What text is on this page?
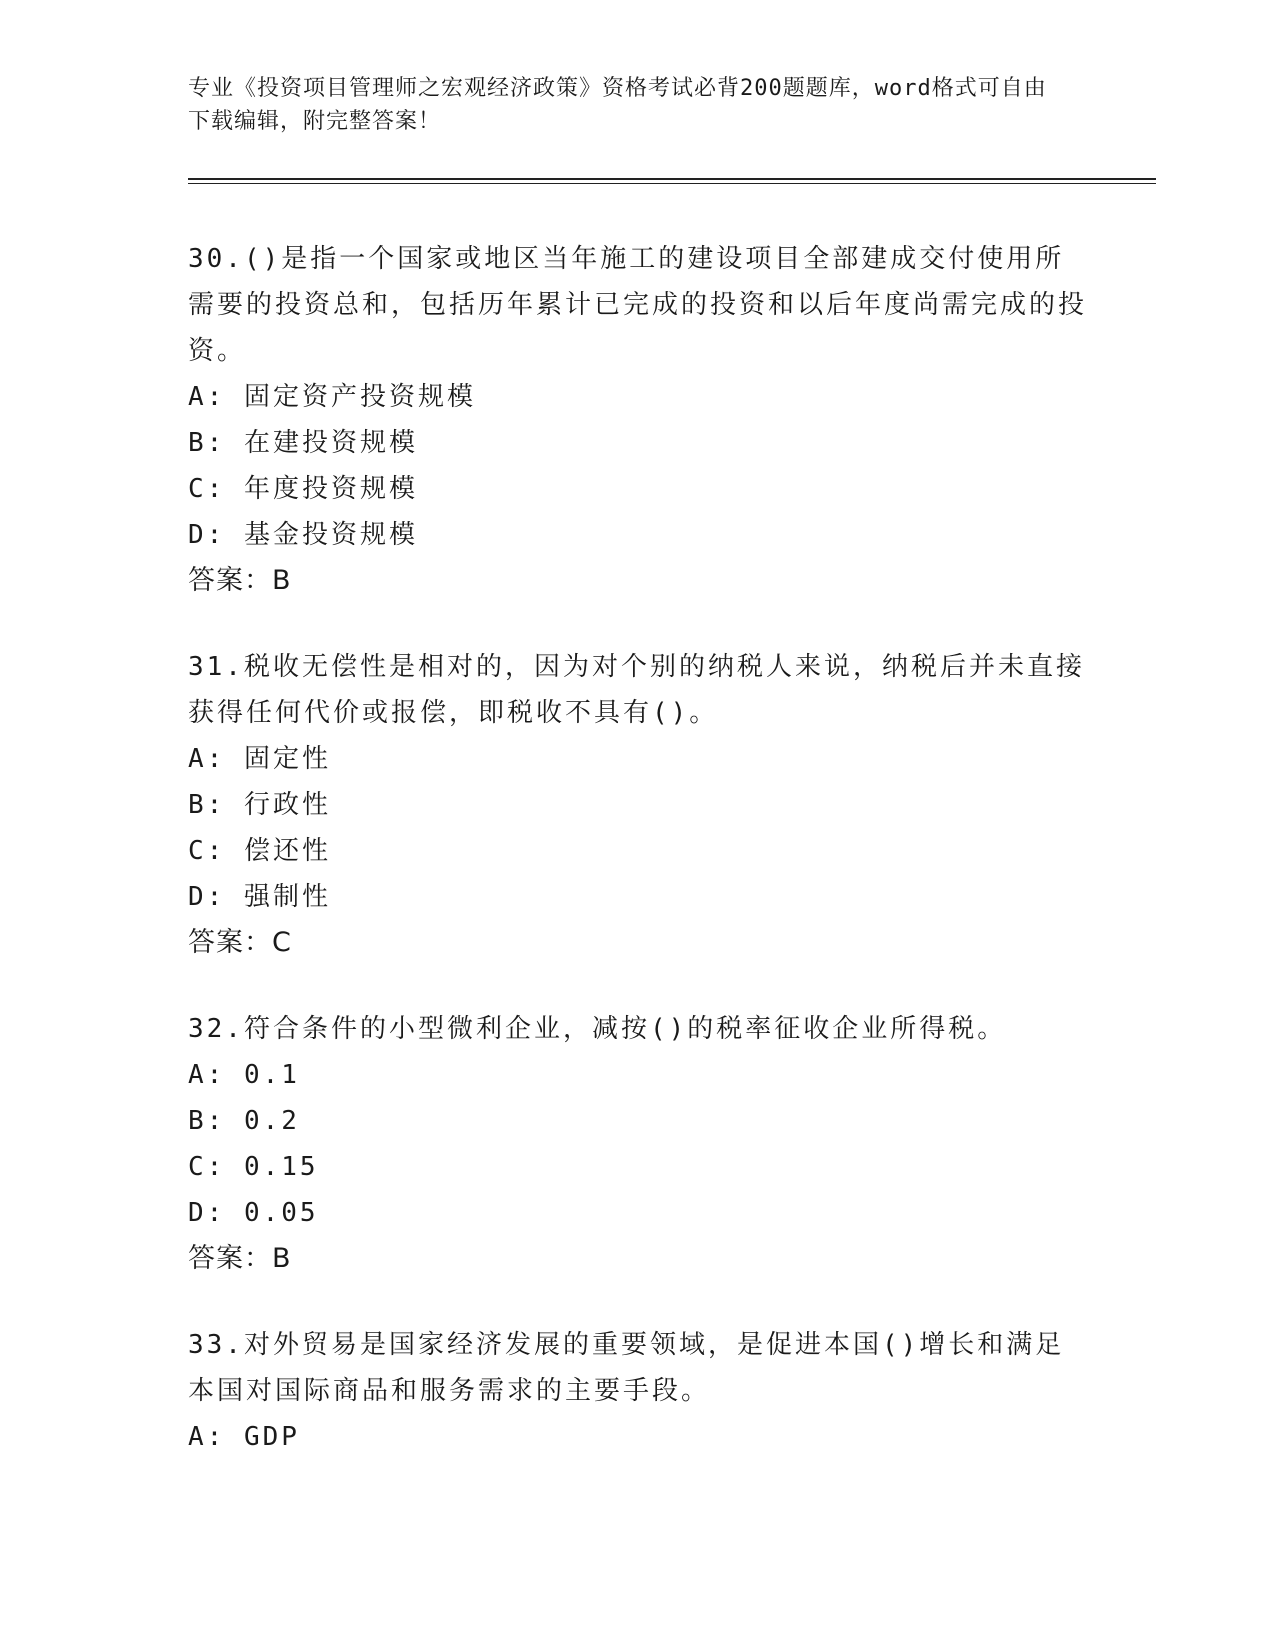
专业《投资项目管理师之宏观经济政策》资格考试必背200题题库，word格式可自由下载编辑，附完整答案！

30.()是指一个国家或地区当年施工的建设项目全部建成交付使用所需要的投资总和，包括历年累计已完成的投资和以后年度尚需完成的投资。

A: 固定资产投资规模

B: 在建投资规模

C: 年度投资规模

D: 基金投资规模

答案：B

31.税收无偿性是相对的，因为对个别的纳税人来说，纳税后并未直接获得任何代价或报偿，即税收不具有()。

A: 固定性

B: 行政性

C: 偿还性

D: 强制性

答案：C

32.符合条件的小型微利企业，减按()的税率征收企业所得税。

A: 0.1

B: 0.2

C: 0.15

D: 0.05

答案：B

33.对外贸易是国家经济发展的重要领域，是促进本国()增长和满足本国对国际商品和服务需求的主要手段。

A: GDP
